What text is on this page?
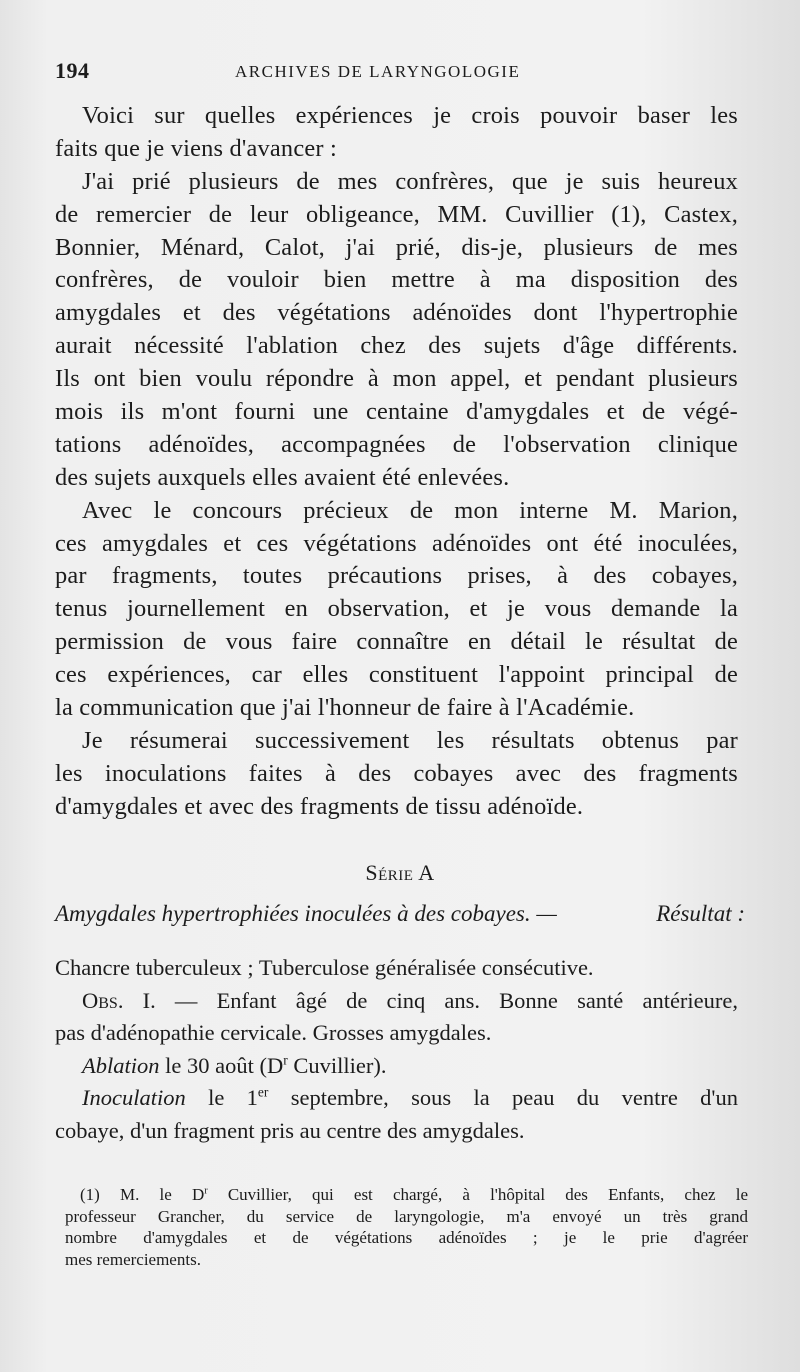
194	ARCHIVES DE LARYNGOLOGIE
Voici sur quelles expériences je crois pouvoir baser les
faits que je viens d'avancer :
J'ai prié plusieurs de mes confrères, que je suis heureux
de remercier de leur obligeance, MM. Cuvillier (1), Castex,
Bonnier, Ménard, Calot, j'ai prié, dis-je, plusieurs de mes
confrères, de vouloir bien mettre à ma disposition des
amygdales et des végétations adénoïdes dont l'hypertrophie
aurait nécessité l'ablation chez des sujets d'âge différents.
Ils ont bien voulu répondre à mon appel, et pendant plusieurs
mois ils m'ont fourni une centaine d'amygdales et de végé-
tations adénoïdes, accompagnées de l'observation clinique
des sujets auxquels elles avaient été enlevées.
Avec le concours précieux de mon interne M. Marion,
ces amygdales et ces végétations adénoïdes ont été inoculées,
par fragments, toutes précautions prises, à des cobayes,
tenus journellement en observation, et je vous demande la
permission de vous faire connaître en détail le résultat de
ces expériences, car elles constituent l'appoint principal de
la communication que j'ai l'honneur de faire à l'Académie.
Je résumerai successivement les résultats obtenus par
les inoculations faites à des cobayes avec des fragments
d'amygdales et avec des fragments de tissu adénoïde.
Série A
Amygdales hypertrophiées inoculées à des cobayes. —	Résultat :
Chancre tuberculeux ; Tuberculose généralisée consécutive.
Obs. I. — Enfant âgé de cinq ans. Bonne santé antérieure,
pas d'adénopathie cervicale. Grosses amygdales.
Ablation le 30 août ($D^r$ Cuvillier).
Inoculation le 1er septembre, sous la peau du ventre d'un
cobaye, d'un fragment pris au centre des amygdales.
(1) M. le $D^r$ Cuvillier, qui est chargé, à l'hôpital des Enfants, chez le
professeur Grancher, du service de laryngologie, m'a envoyé un très grand
nombre d'amygdales et de végétations adénoïdes ; je le prie d'agréer
mes remerciements.
